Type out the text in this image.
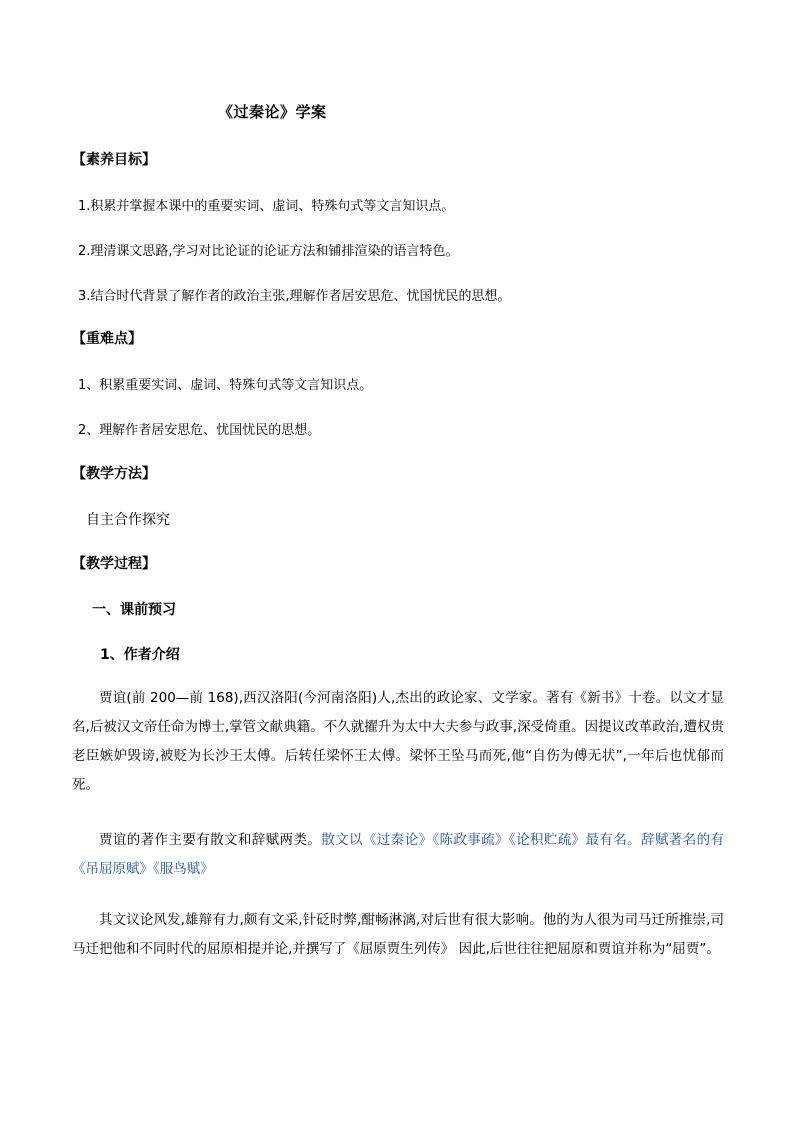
《过秦论》学案
【素养目标】
1.积累并掌握本课中的重要实词、虚词、特殊句式等文言知识点。
2.理清课文思路,学习对比论证的论证方法和铺排渲染的语言特色。
3.结合时代背景了解作者的政治主张,理解作者居安思危、忧国忧民的思想。
【重难点】
1、积累重要实词、虚词、特殊句式等文言知识点。
2、理解作者居安思危、忧国忧民的思想。
【教学方法】
自主合作探究
【教学过程】
一、课前预习
1、作者介绍
贾谊(前 200—前 168),西汉洛阳(今河南洛阳)人,杰出的政论家、文学家。著有《新书》十卷。以文才显名,后被汉文帝任命为博士,掌管文献典籍。不久就擢升为太中大夫参与政事,深受倚重。因提议改革政治,遭权贵老臣嫉妒毁谤,被贬为长沙王太傅。后转任梁怀王太傅。梁怀王坠马而死,他“自伤为傅无状”,一年后也忧郁而死。
贾谊的著作主要有散文和辞赋两类。散文以《过秦论》《陈政事疏》《论积贮疏》最有名。辞赋著名的有《吊屈原赋》《服鸟赋》
其文议论风发,雄辩有力,颇有文采,针砭时弊,酣畅淋漓,对后世有很大影响。他的为人很为司马迁所推崇,司马迁把他和不同时代的屈原相提并论,并撰写了《屈原贾生列传》 因此,后世往往把屈原和贾谊并称为“屈贾”。
